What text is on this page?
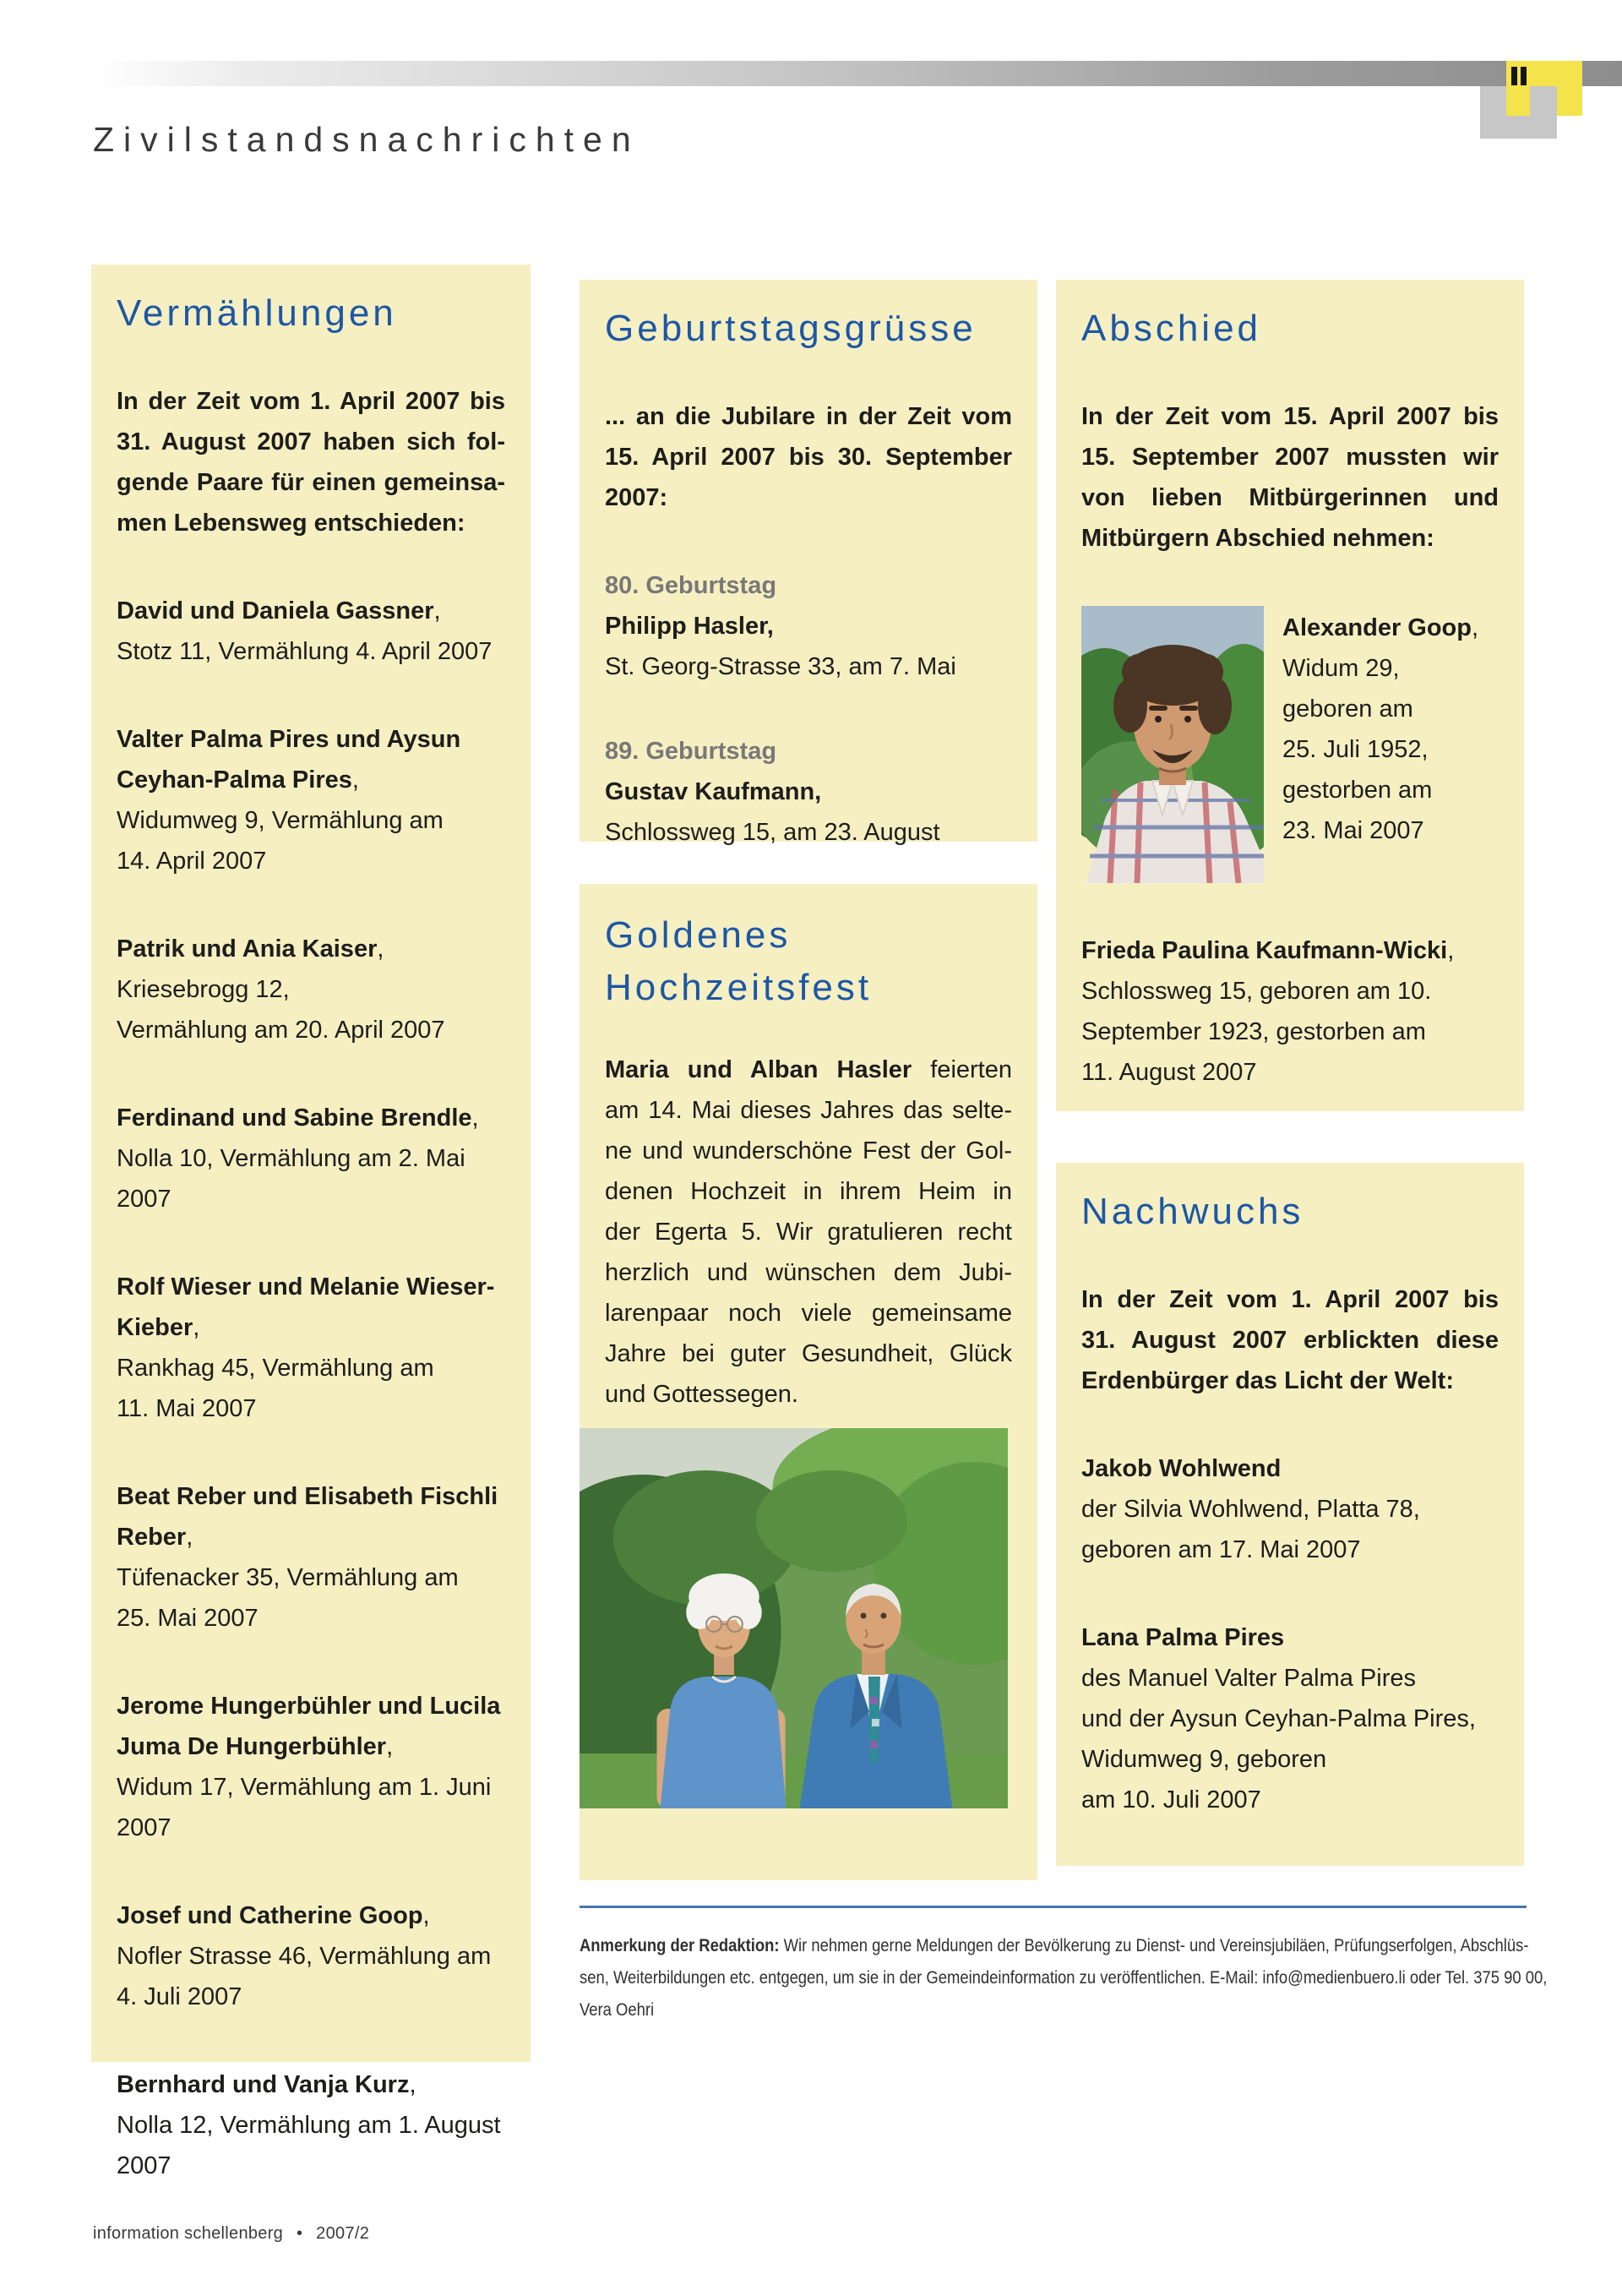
Zivilstandsnachrichten
Vermählungen
In der Zeit vom 1. April 2007 bis
31. August 2007 haben sich fol-
gende Paare für einen gemeinsa-
men Lebensweg entschieden:
David und Daniela Gassner,
Stotz 11, Vermählung 4. April 2007
Valter Palma Pires und Aysun
Ceyhan-Palma Pires,
Widumweg 9, Vermählung am
14. April 2007
Patrik und Ania Kaiser,
Kriesebrogg 12,
Vermählung am 20. April 2007
Ferdinand und Sabine Brendle,
Nolla 10, Vermählung am 2. Mai
2007
Rolf Wieser und Melanie Wieser-
Kieber,
Rankhag 45, Vermählung am
11. Mai 2007
Beat Reber und Elisabeth Fischli
Reber,
Tüfenacker 35, Vermählung am
25. Mai 2007
Jerome Hungerbühler und Lucila
Juma De Hungerbühler,
Widum 17, Vermählung am 1. Juni
2007
Josef und Catherine Goop,
Nofler Strasse 46, Vermählung am
4. Juli 2007
Bernhard und Vanja Kurz,
Nolla 12, Vermählung am 1. August
2007
Geburtstagsgrüsse
... an die Jubilare in der Zeit vom
15. April 2007 bis 30. September
2007:
80. Geburtstag
Philipp Hasler,
St. Georg-Strasse 33, am 7. Mai
89. Geburtstag
Gustav Kaufmann,
Schlossweg 15, am 23. August
Goldenes
Hochzeitsfest
Maria und Alban Hasler feierten
am 14. Mai dieses Jahres das selte-
ne und wunderschöne Fest der Gol-
denen Hochzeit in ihrem Heim in
der Egerta 5. Wir gratulieren recht
herzlich und wünschen dem Jubi-
larenpaar noch viele gemeinsame
Jahre bei guter Gesundheit, Glück
und Gottessegen.
Abschied
In der Zeit vom 15. April 2007 bis
15. September 2007 mussten wir
von lieben Mitbürgerinnen und
Mitbürgern Abschied nehmen:
Alexander Goop,
Widum 29,
geboren am
25. Juli 1952,
gestorben am
23. Mai 2007
Frieda Paulina Kaufmann-Wicki,
Schlossweg 15, geboren am 10.
September 1923, gestorben am
11. August 2007
Nachwuchs
In der Zeit vom 1. April 2007 bis
31. August 2007 erblickten diese
Erdenbürger das Licht der Welt:
Jakob Wohlwend
der Silvia Wohlwend, Platta 78,
geboren am 17. Mai 2007
Lana Palma Pires
des Manuel Valter Palma Pires
und der Aysun Ceyhan-Palma Pires,
Widumweg 9, geboren
am 10. Juli 2007
Anmerkung der Redaktion: Wir nehmen gerne Meldungen der Bevölkerung zu Dienst- und Vereinsjubiläen, Prüfungserfolgen, Abschlüs-
sen, Weiterbildungen etc. entgegen, um sie in der Gemeindeinformation zu veröffentlichen. E-Mail: info@medienbuero.li oder Tel. 375 90 00,
Vera Oehri
information schellenberg • 2007/2
